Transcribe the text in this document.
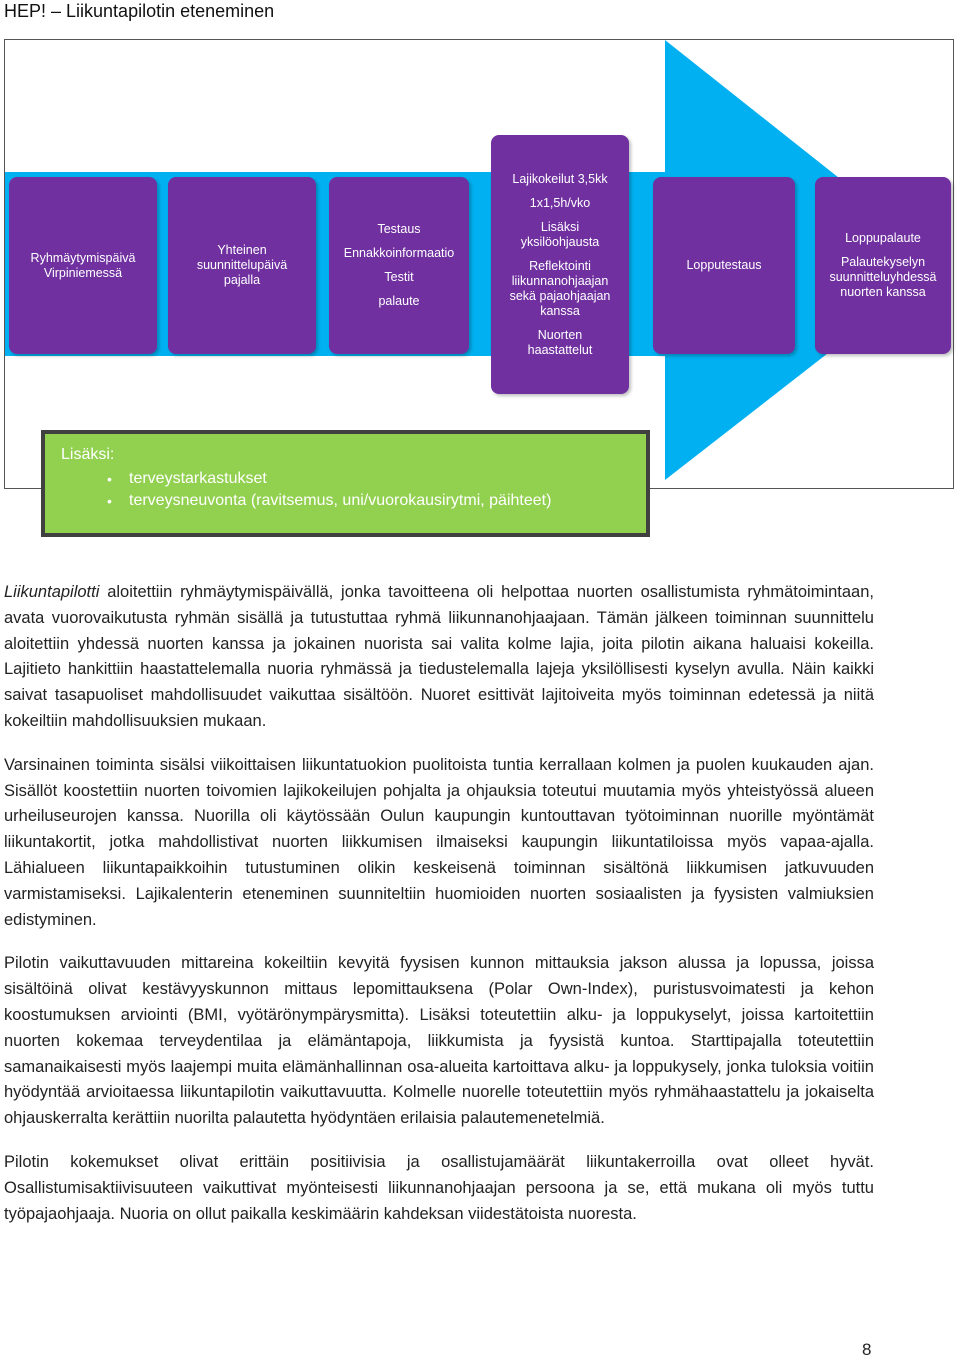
HEP! – Liikuntapilotin eteneminen
Ryhmäytymispäivä
Virpiniemessä
Yhteinen
suunnittelupäivä
pajalla
Testaus
Ennakkoinformaatio
Testit
palaute
Lajikokeilut 3,5kk
1x1,5h/vko
Lisäksi
yksilöohjausta
Reflektointi
liikunnanohjaajan
sekä pajaohjaajan
kanssa
Nuorten
haastattelut
Lopputestaus
Loppupalaute
Palautekyselyn
suunnitteluyhdessä
nuorten kanssa
Lisäksi:
• terveystarkastukset
• terveysneuvonta (ravitsemus, uni/vuorokausirytmi, päihteet)

Liikuntapilotti aloitettiin ryhmäytymispäivällä, jonka tavoitteena oli helpottaa nuorten osallistumista ryhmätoimintaan, avata vuorovaikutusta ryhmän sisällä ja tutustuttaa ryhmä liikunnanohjaajaan. Tämän jälkeen toiminnan suunnittelu aloitettiin yhdessä nuorten kanssa ja jokainen nuorista sai valita kolme lajia, joita pilotin aikana haluaisi kokeilla. Lajitieto hankittiin haastattelemalla nuoria ryhmässä ja tiedustelemalla lajeja yksilöllisesti kyselyn avulla. Näin kaikki saivat tasapuoliset mahdollisuudet vaikuttaa sisältöön. Nuoret esittivät lajitoiveita myös toiminnan edetessä ja niitä kokeiltiin mahdollisuuksien mukaan.

Varsinainen toiminta sisälsi viikoittaisen liikuntatuokion puolitoista tuntia kerrallaan kolmen ja puolen kuukauden ajan. Sisällöt koostettiin nuorten toivomien lajikokeilujen pohjalta ja ohjauksia toteutui muutamia myös yhteistyössä alueen urheiluseurojen kanssa. Nuorilla oli käytössään Oulun kaupungin kuntouttavan työtoiminnan nuorille myöntämät liikuntakortit, jotka mahdollistivat nuorten liikkumisen ilmaiseksi kaupungin liikuntatiloissa myös vapaa-ajalla. Lähialueen liikuntapaikkoihin tutustuminen olikin keskeisenä toiminnan sisältönä liikkumisen jatkuvuuden varmistamiseksi. Lajikalenterin eteneminen suunniteltiin huomioiden nuorten sosiaalisten ja fyysisten valmiuksien edistyminen.

Pilotin vaikuttavuuden mittareina kokeiltiin kevyitä fyysisen kunnon mittauksia jakson alussa ja lopussa, joissa sisältöinä olivat kestävyyskunnon mittaus lepomittauksena (Polar Own-Index), puristusvoimatesti ja kehon koostumuksen arviointi (BMI, vyötärönympärysmitta). Lisäksi toteutettiin alku- ja loppukyselyt, joissa kartoitettiin nuorten kokemaa terveydentilaa ja elämäntapoja, liikkumista ja fyysistä kuntoa. Starttipajalla toteutettiin samanaikaisesti myös laajempi muita elämänhallinnan osa-alueita kartoittava alku- ja loppukysely, jonka tuloksia voitiin hyödyntää arvioitaessa liikuntapilotin vaikuttavuutta. Kolmelle nuorelle toteutettiin myös ryhmähaastattelu ja jokaiselta ohjauskerralta kerättiin nuorilta palautetta hyödyntäen erilaisia palautemenetelmiä.

Pilotin kokemukset olivat erittäin positiivisia ja osallistujamäärät liikuntakerroilla ovat olleet hyvät. Osallistumisaktiivisuuteen vaikuttivat myönteisesti liikunnanohjaajan persoona ja se, että mukana oli myös tuttu työpajaohjaaja. Nuoria on ollut paikalla keskimäärin kahdeksan viidestätoista nuoresta.

8
